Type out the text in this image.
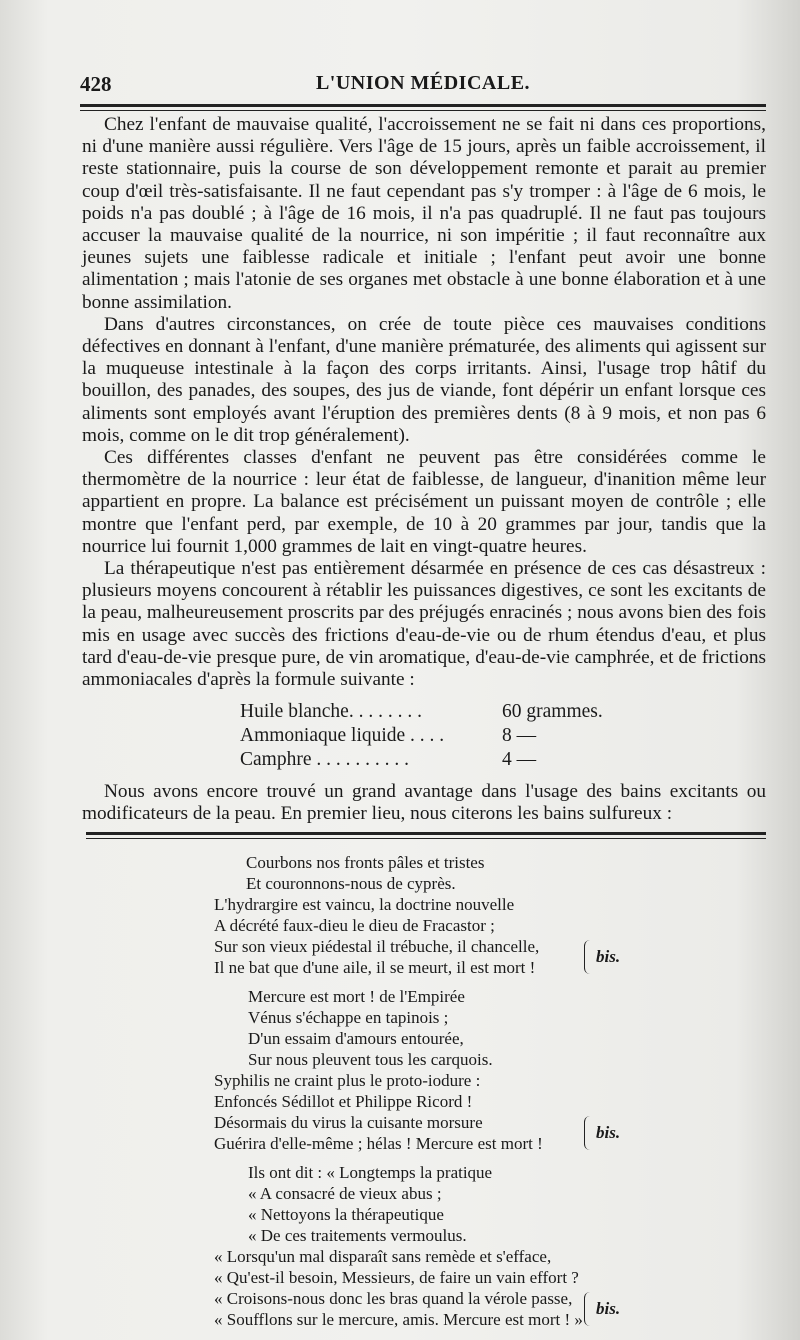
428	L'UNION MÉDICALE.

Chez l'enfant de mauvaise qualité, l'accroissement ne se fait ni dans ces proportions, ni d'une manière aussi régulière. Vers l'âge de 15 jours, après un faible accroissement, il reste stationnaire, puis la course de son développement remonte et parait au premier coup d'œil très-satisfaisante. Il ne faut cependant pas s'y tromper : à l'âge de 6 mois, le poids n'a pas doublé ; à l'âge de 16 mois, il n'a pas quadruplé. Il ne faut pas toujours accuser la mauvaise qualité de la nourrice, ni son impéritie ; il faut reconnaître aux jeunes sujets une faiblesse radicale et initiale ; l'enfant peut avoir une bonne alimentation ; mais l'atonie de ses organes met obstacle à une bonne élaboration et à une bonne assimilation.

Dans d'autres circonstances, on crée de toute pièce ces mauvaises conditions défectives en donnant à l'enfant, d'une manière prématurée, des aliments qui agissent sur la muqueuse intestinale à la façon des corps irritants. Ainsi, l'usage trop hâtif du bouillon, des panades, des soupes, des jus de viande, font dépérir un enfant lorsque ces aliments sont employés avant l'éruption des premières dents (8 à 9 mois, et non pas 6 mois, comme on le dit trop généralement).

Ces différentes classes d'enfant ne peuvent pas être considérées comme le thermomètre de la nourrice : leur état de faiblesse, de langueur, d'inanition même leur appartient en propre. La balance est précisément un puissant moyen de contrôle ; elle montre que l'enfant perd, par exemple, de 10 à 20 grammes par jour, tandis que la nourrice lui fournit 1,000 grammes de lait en vingt-quatre heures.

La thérapeutique n'est pas entièrement désarmée en présence de ces cas désastreux : plusieurs moyens concourent à rétablir les puissances digestives, ce sont les excitants de la peau, malheureusement proscrits par des préjugés enracinés ; nous avons bien des fois mis en usage avec succès des frictions d'eau-de-vie ou de rhum étendus d'eau, et plus tard d'eau-de-vie presque pure, de vin aromatique, d'eau-de-vie camphrée, et de frictions ammoniacales d'après la formule suivante :

Huile blanche. . . . . . . .	60 grammes.
Ammoniaque liquide . . . .	8 —
Camphre . . . . . . . . . .	4 —

Nous avons encore trouvé un grand avantage dans l'usage des bains excitants ou modificateurs de la peau. En premier lieu, nous citerons les bains sulfureux :

Courbons nos fronts pâles et tristes
Et couronnons-nous de cyprès.
L'hydrargire est vaincu, la doctrine nouvelle
A décrété faux-dieu le dieu de Fracastor ;
Sur son vieux piédestal il trébuche, il chancelle,
Il ne bat que d'une aile, il se meurt, il est mort !
bis.
Mercure est mort ! de l'Empirée
Vénus s'échappe en tapinois ;
D'un essaim d'amours entourée,
Sur nous pleuvent tous les carquois.
Syphilis ne craint plus le proto-iodure :
Enfoncés Sédillot et Philippe Ricord !
Désormais du virus la cuisante morsure
Guérira d'elle-même ; hélas ! Mercure est mort !
bis.
Ils ont dit : « Longtemps la pratique
« A consacré de vieux abus ;
« Nettoyons la thérapeutique
« De ces traitements vermoulus.
« Lorsqu'un mal disparaît sans remède et s'efface,
« Qu'est-il besoin, Messieurs, de faire un vain effort ?
« Croisons-nous donc les bras quand la vérole passe,
« Soufflons sur le mercure, amis. Mercure est mort ! »
bis.
